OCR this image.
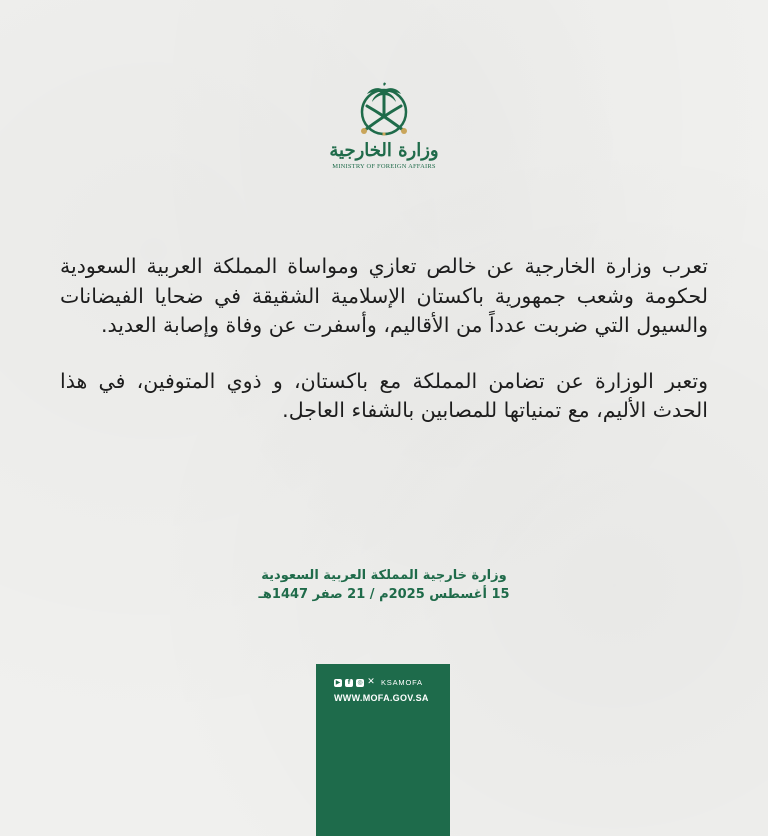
وزارة الخارجية
MINISTRY OF FOREIGN AFFAIRS

تعرب وزارة الخارجية عن خالص تعازي ومواساة المملكة العربية السعودية لحكومة وشعب جمهورية باكستان الإسلامية الشقيقة في ضحايا الفيضانات والسيول التي ضربت عدداً من الأقاليم، وأسفرت عن وفاة وإصابة العديد.

وتعبر الوزارة عن تضامن المملكة مع باكستان، و ذوي المتوفين، في هذا الحدث الأليم، مع تمنياتها للمصابين بالشفاء العاجل.

وزارة خارجية المملكة العربية السعودية
15 أغسطس 2025م / 21 صفر 1447هـ
▶	f	◎ ✕ KSAMOFA
WWW.MOFA.GOV.SA
